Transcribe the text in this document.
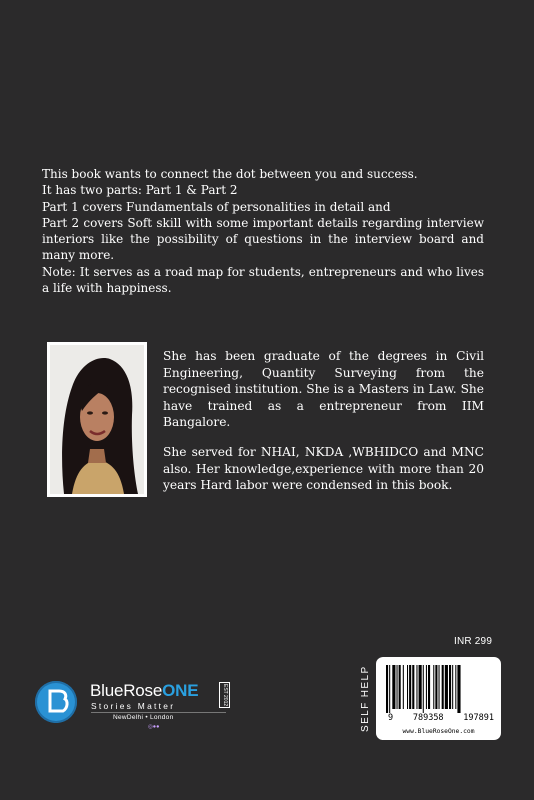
This book wants to connect the dot between you and success.

It has two parts: Part 1 & Part 2

Part 1 covers Fundamentals of personalities in detail and

Part 2 covers Soft skill with some important details regarding interview interiors like the possibility of questions in the interview board and many more.

Note: It serves as a road map for students, entrepreneurs and who lives a life with happiness.

She has been graduate of the degrees in Civil Engineering, Quantity Surveying from the recognised institution. She is a Masters in Law. She have trained as a entrepreneur from IIM Bangalore.

She served for NHAI, NKDA ,WBHIDCO and MNC also. Her knowledge,experience with more than 20 years Hard labor were condensed in this book.

BlueRoseONE	EST 2012
Stories Matter
NewDelhi • London
◎●●
INR 299
SELF HELP 9 789358 197891
www.BlueRoseOne.com
